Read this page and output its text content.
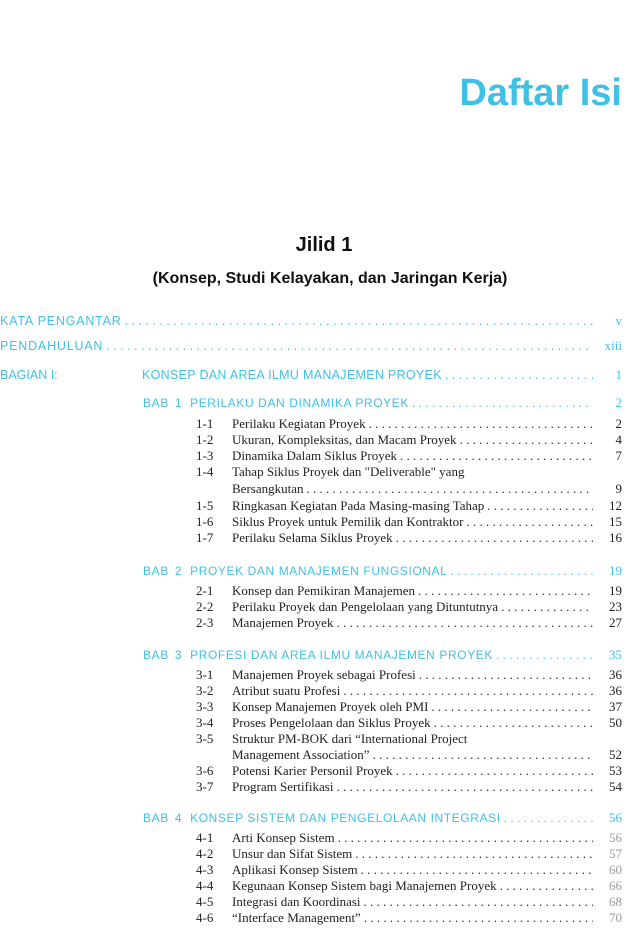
Daftar Isi
Jilid 1
(Konsep, Studi Kelayakan, dan Jaringan Kerja)
KATA PENGANTAR . . .	v
PENDAHULUAN . . .	xiii
BAGIAN I:	KONSEP DAN AREA ILMU MANAJEMEN PROYEK . . .	1
BAB 1 PERILAKU DAN DINAMIKA PROYEK . . .	2
1-1	Perilaku Kegiatan Proyek . . .	2
1-2	Ukuran, Kompleksitas, dan Macam Proyek . . .	4
1-3	Dinamika Dalam Siklus Proyek . . .	7
1-4	Tahap Siklus Proyek dan "Deliverable" yang
Bersangkutan . . .	9
1-5	Ringkasan Kegiatan Pada Masing-masing Tahap . . .	12
1-6	Siklus Proyek untuk Pemilik dan Kontraktor . . .	15
1-7	Perilaku Selama Siklus Proyek . . .	16
BAB 2 PROYEK DAN MANAJEMEN FUNGSIONAL . . .	19
2-1	Konsep dan Pemikiran Manajemen . . .	19
2-2	Perilaku Proyek dan Pengelolaan yang Dituntutnya . . .	23
2-3	Manajemen Proyek . . .	27
BAB 3 PROFESI DAN AREA ILMU MANAJEMEN PROYEK . . .	35
3-1	Manajemen Proyek sebagai Profesi . . .	36
3-2	Atribut suatu Profesi . . .	36
3-3	Konsep Manajemen Proyek oleh PMI . . .	37
3-4	Proses Pengelolaan dan Siklus Proyek . . .	50
3-5	Struktur PM-BOK dari “International Project
Management Association” . . .	52
3-6	Potensi Karier Personil Proyek . . .	53
3-7	Program Sertifikasi . . .	54
BAB 4 KONSEP SISTEM DAN PENGELOLAAN INTEGRASI . . .	56
4-1	Arti Konsep Sistem . . .	56
4-2	Unsur dan Sifat Sistem . . .	57
4-3	Aplikasi Konsep Sistem . . .	60
4-4	Kegunaan Konsep Sistem bagi Manajemen Proyek . . .	66
4-5	Integrasi dan Koordinasi . . .	68
4-6	“Interface Management” . . .	70
